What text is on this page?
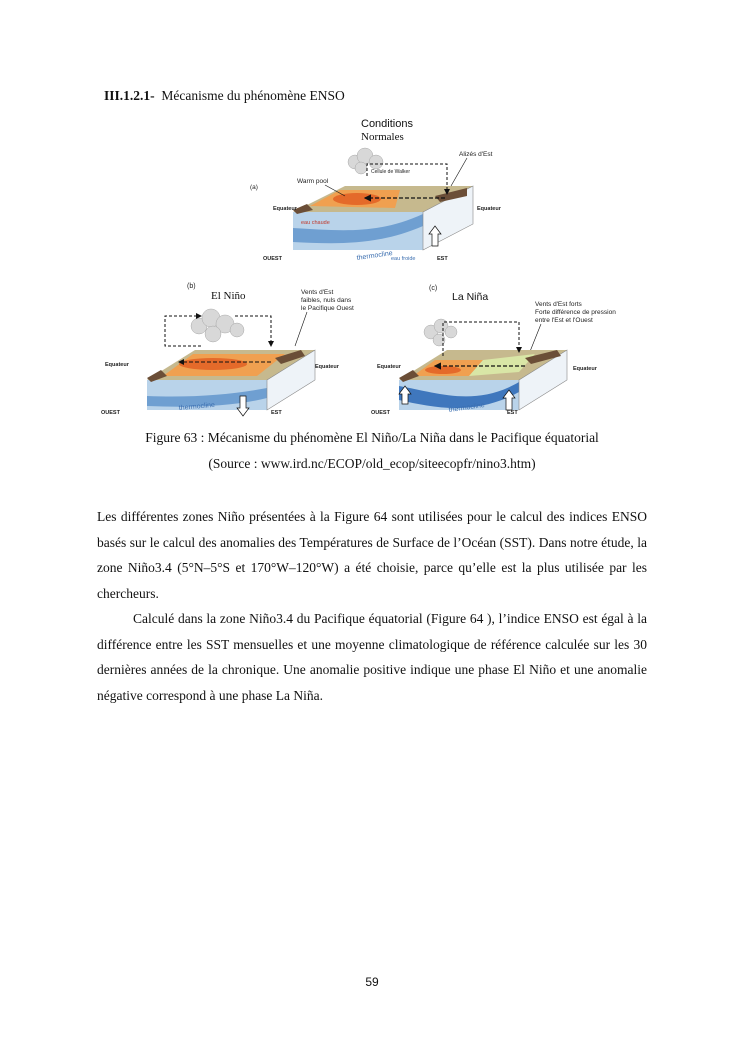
III.1.2.1- Mécanisme du phénomène ENSO
Conditions
Normales
(a)
Cellule de Walker
Alizés d'Est
Warm pool
Equateur	Equateur
eau chaude
thermocline
eau froide
OUEST	EST
(b)
El Niño	Vents d'Est
faibles, nuls dans
le Pacifique Ouest
Equateur	Equateur
thermocline
OUEST	EST
(c)
La Niña
Vents d'Est forts
Forte différence de pression
entre l'Est et l'Ouest
Equateur	Equateur
thermocline
OUEST	EST
Figure 63 : Mécanisme du phénomène El Niño/La Niña dans le Pacifique équatorial
(Source : www.ird.nc/ECOP/old_ecop/siteecopfr/nino3.htm)

Les différentes zones Niño présentées à la Figure 64 sont utilisées pour le calcul des indices ENSO basés sur le calcul des anomalies des Températures de Surface de l’Océan (SST). Dans notre étude, la zone Niño3.4 (5°N–5°S et 170°W–120°W) a été choisie, parce qu’elle est la plus utilisée par les chercheurs.

Calculé dans la zone Niño3.4 du Pacifique équatorial (Figure 64 ), l’indice ENSO est égal à la différence entre les SST mensuelles et une moyenne climatologique de référence calculée sur les 30 dernières années de la chronique. Une anomalie positive indique une phase El Niño et une anomalie négative correspond à une phase La Niña.

59
